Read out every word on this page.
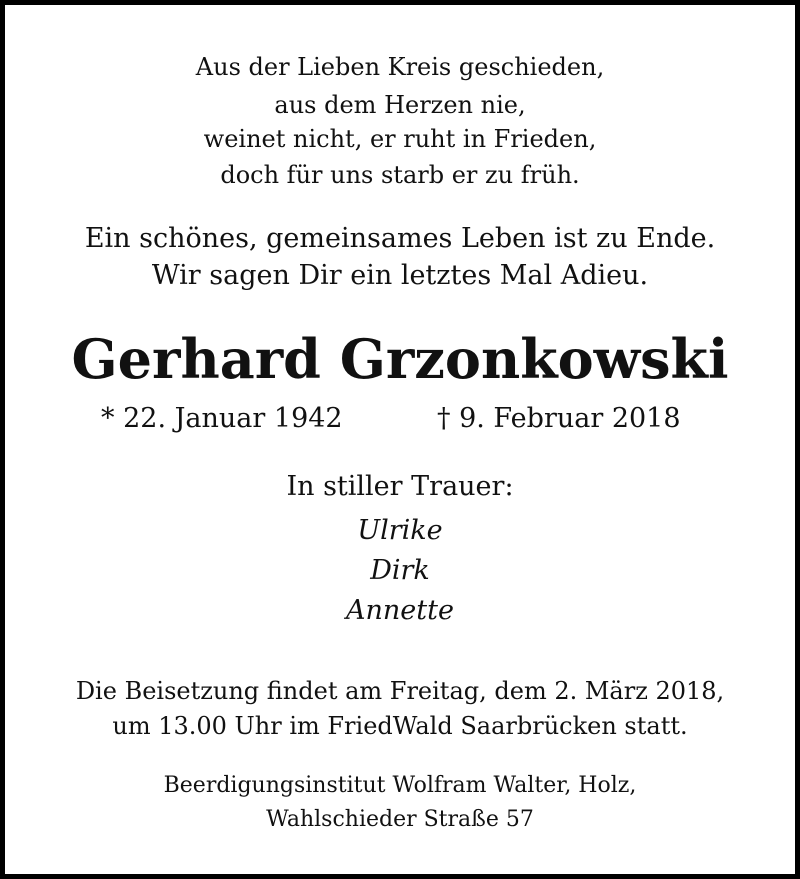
Aus der Lieben Kreis geschieden,
aus dem Herzen nie,
weinet nicht, er ruht in Frieden,
doch für uns starb er zu früh.
Ein schönes, gemeinsames Leben ist zu Ende.
Wir sagen Dir ein letztes Mal Adieu.
Gerhard Grzonkowski
* 22. Januar 1942	† 9. Februar 2018
In stiller Trauer:
Ulrike
Dirk
Annette
Die Beisetzung findet am Freitag, dem 2. März 2018,
um 13.00 Uhr im FriedWald Saarbrücken statt.
Beerdigungsinstitut Wolfram Walter, Holz,
Wahlschieder Straße 57
